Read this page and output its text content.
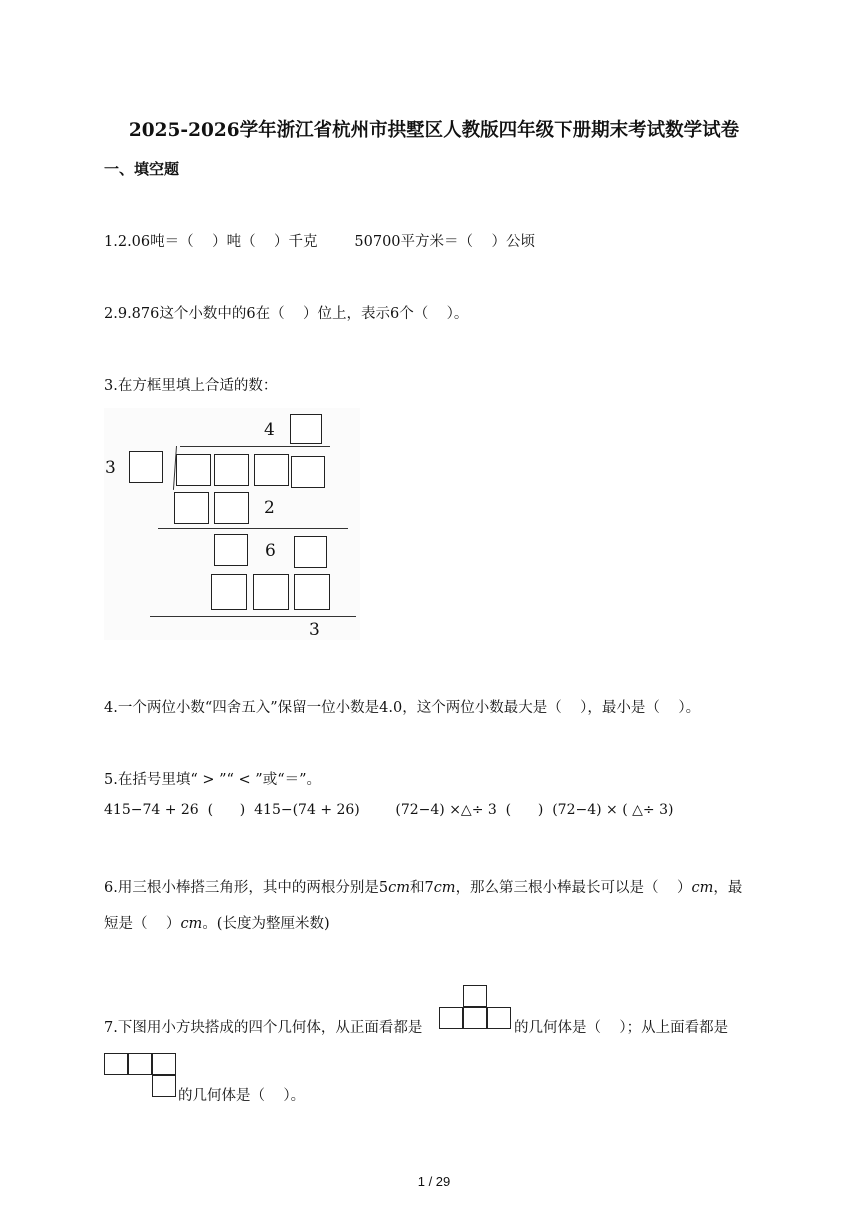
2025-2026学年浙江省杭州市拱墅区人教版四年级下册期末考试数学试卷
一、填空题
1.2.06吨＝（    ）吨（    ）千克        50700平方米＝（    ）公顷
2.9.876这个小数中的6在（    ）位上，表示6个（    ）。
3.在方框里填上合适的数：
4
3
2
6
3
4.一个两位小数“四舍五入”保留一位小数是4.0，这个两位小数最大是（    ），最小是（    ）。
5.在括号里填“ > ”“ < ”或“＝”。
415−74 + 26  (      )  415−(74 + 26)        (72−4) ×△÷ 3  (      )  (72−4) × ( △÷ 3)
6.用三根小棒搭三角形，其中的两根分别是5cm和7cm，那么第三根小棒最长可以是（    ）cm，最
短是（    ）cm。(长度为整厘米数)
7.下图用小方块搭成的四个几何体，从正面看都是	的几何体是（    ）；从上面看都是
的几何体是（    ）。
1 / 29
